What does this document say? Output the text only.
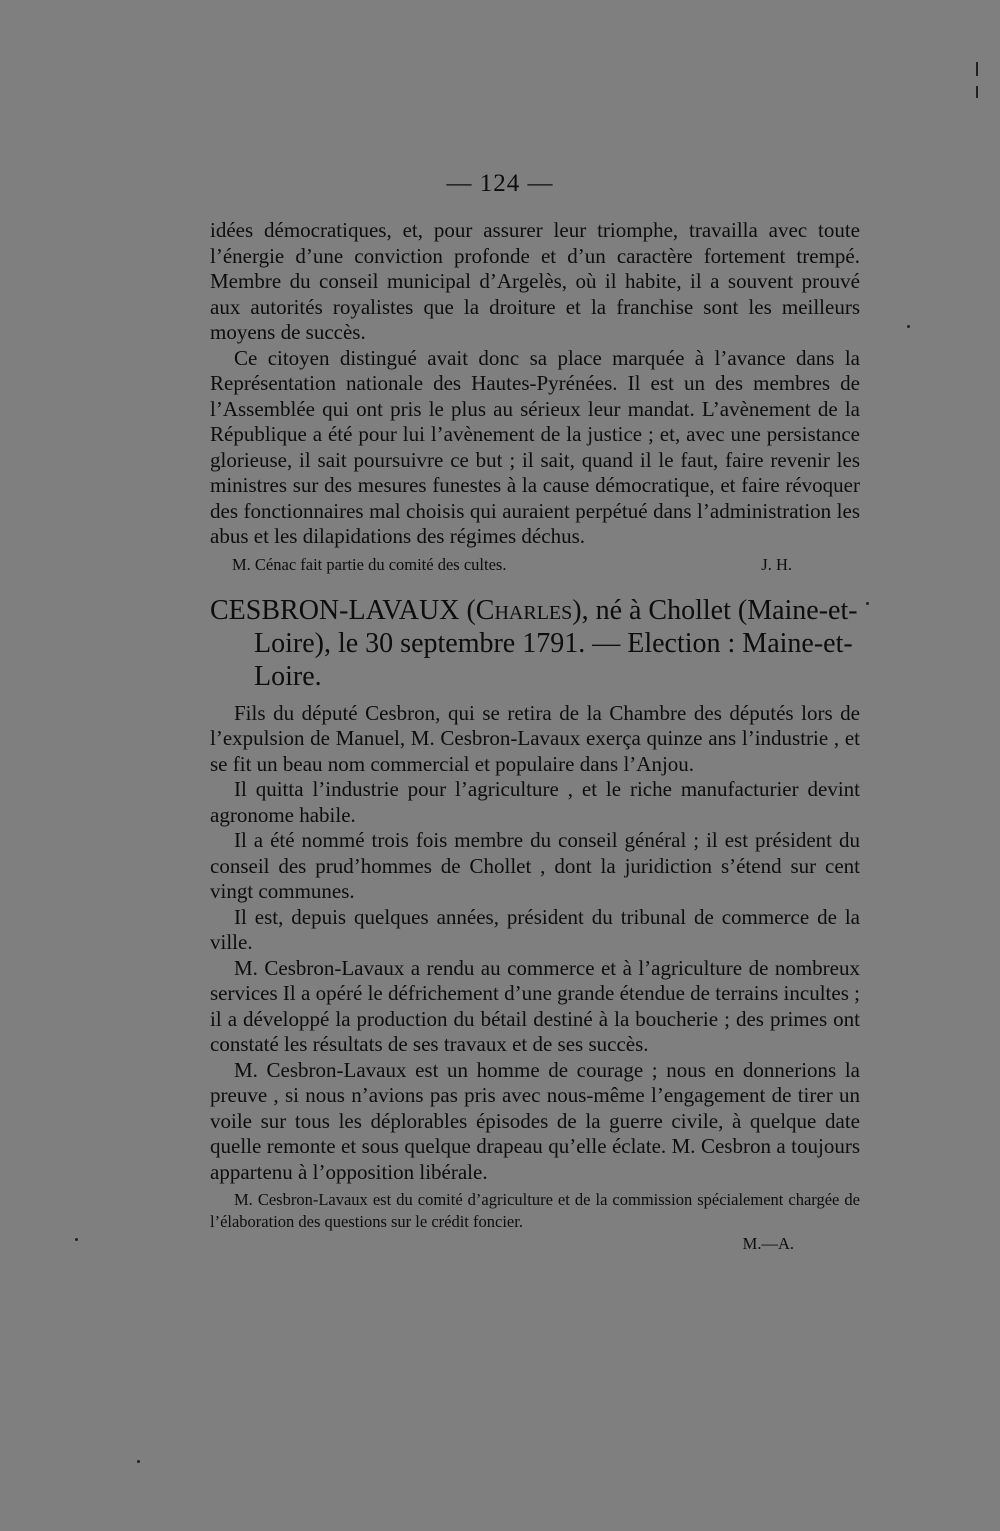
— 124 —

idées démocratiques, et, pour assurer leur triomphe, travailla avec toute l’énergie d’une conviction profonde et d’un caractère fortement trempé. Membre du conseil municipal d’Argelès, où il habite, il a souvent prouvé aux autorités royalistes que la droiture et la franchise sont les meilleurs moyens de succès.

Ce citoyen distingué avait donc sa place marquée à l’avance dans la Représentation nationale des Hautes-Pyrénées. Il est un des membres de l’Assemblée qui ont pris le plus au sérieux leur mandat. L’avènement de la République a été pour lui l’avènement de la justice ; et, avec une persistance glorieuse, il sait poursuivre ce but ; il sait, quand il le faut, faire revenir les ministres sur des mesures funestes à la cause démocratique, et faire révoquer des fonctionnaires mal choisis qui auraient perpétué dans l’administration les abus et les dilapidations des régimes déchus.

M. Cénac fait partie du comité des cultes.	J. H.

CESBRON-LAVAUX (Charles), né à Chollet (Maine-et-Loire), le 30 septembre 1791. — Election : Maine-et-Loire.

Fils du député Cesbron, qui se retira de la Chambre des députés lors de l’expulsion de Manuel, M. Cesbron-Lavaux exerça quinze ans l’industrie , et se fit un beau nom commercial et populaire dans l’Anjou.

Il quitta l’industrie pour l’agriculture , et le riche manufacturier devint agronome habile.

Il a été nommé trois fois membre du conseil général ; il est président du conseil des prud’hommes de Chollet , dont la juridiction s’étend sur cent vingt communes.

Il est, depuis quelques années, président du tribunal de commerce de la ville.

M. Cesbron-Lavaux a rendu au commerce et à l’agriculture de nombreux services Il a opéré le défrichement d’une grande étendue de terrains incultes ; il a développé la production du bétail destiné à la boucherie ; des primes ont constaté les résultats de ses travaux et de ses succès.

M. Cesbron-Lavaux est un homme de courage ; nous en donnerions la preuve , si nous n’avions pas pris avec nous-même l’engagement de tirer un voile sur tous les déplorables épisodes de la guerre civile, à quelque date quelle remonte et sous quelque drapeau qu’elle éclate. M. Cesbron a toujours appartenu à l’opposition libérale.

M. Cesbron-Lavaux est du comité d’agriculture et de la commission spécialement chargée de l’élaboration des questions sur le crédit foncier.

M.—A.
